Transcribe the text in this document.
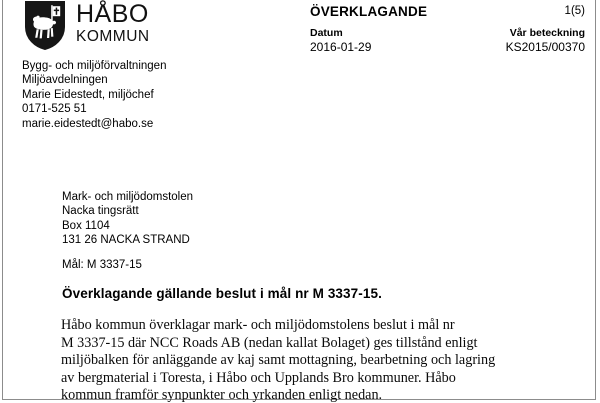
HÅBO
KOMMUN
Bygg- och miljöförvaltningen
Miljöavdelningen
Marie Eidestedt, miljöchef
0171-525 51
marie.eidestedt@habo.se
ÖVERKLAGANDE	1(5)
Datum
2016-01-29
Vår beteckning
KS2015/00370
Mark- och miljödomstolen
Nacka tingsrätt
Box 1104
131 26 NACKA STRAND
Mål: M 3337-15
Överklagande gällande beslut i mål nr M 3337-15.

Håbo kommun överklagar mark- och miljödomstolens beslut i mål nr
M 3337-15 där NCC Roads AB (nedan kallat Bolaget) ges tillstånd enligt
miljöbalken för anläggande av kaj samt mottagning, bearbetning och lagring
av bergmaterial i Toresta, i Håbo och Upplands Bro kommuner. Håbo
kommun framför synpunkter och yrkanden enligt nedan.
